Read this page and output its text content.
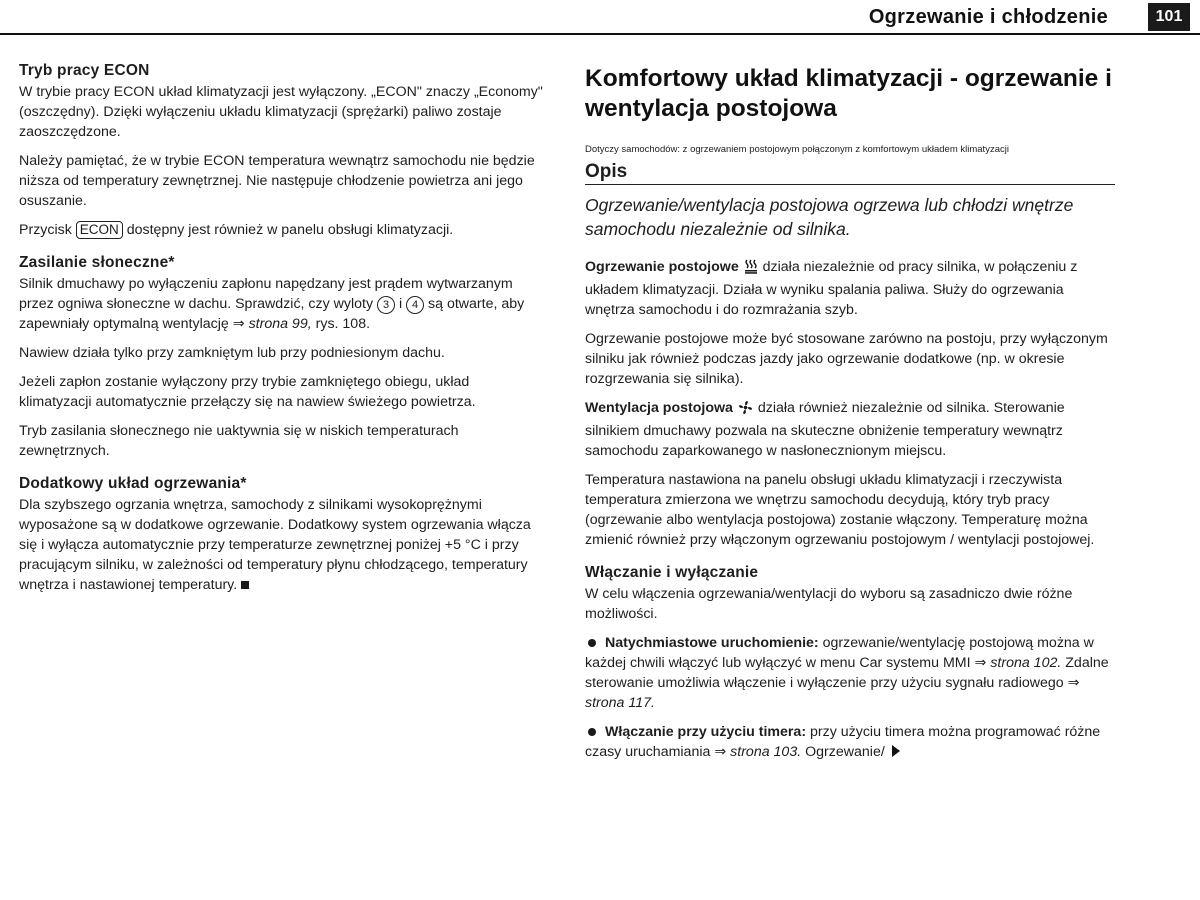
Ogrzewanie i chłodzenie	101
Tryb pracy ECON

W trybie pracy ECON układ klimatyzacji jest wyłączony. „ECON" znaczy „Economy" (oszczędny). Dzięki wyłączeniu układu klimatyzacji (sprężarki) paliwo zostaje zaoszczędzone.

Należy pamiętać, że w trybie ECON temperatura wewnątrz samochodu nie będzie niższa od temperatury zewnętrznej. Nie następuje chłodzenie powietrza ani jego osuszanie.

Przycisk ECON dostępny jest również w panelu obsługi klimatyzacji.

Zasilanie słoneczne*

Silnik dmuchawy po wyłączeniu zapłonu napędzany jest prądem wytwarzanym przez ogniwa słoneczne w dachu. Sprawdzić, czy wyloty 3 i 4 są otwarte, aby zapewniały optymalną wentylację ⇒ strona 99, rys. 108.

Nawiew działa tylko przy zamkniętym lub przy podniesionym dachu.

Jeżeli zapłon zostanie wyłączony przy trybie zamkniętego obiegu, układ klimatyzacji automatycznie przełączy się na nawiew świeżego powietrza.

Tryb zasilania słonecznego nie uaktywnia się w niskich temperaturach zewnętrznych.

Dodatkowy układ ogrzewania*

Dla szybszego ogrzania wnętrza, samochody z silnikami wysokoprężnymi wyposażone są w dodatkowe ogrzewanie. Dodatkowy system ogrzewania włącza się i wyłącza automatycznie przy temperaturze zewnętrznej poniżej +5 °C i przy pracującym silniku, w zależności od temperatury płynu chłodzącego, temperatury wnętrza i nastawionej temperatury.

Komfortowy układ klimatyzacji - ogrzewanie i wentylacja postojowa
Dotyczy samochodów: z ogrzewaniem postojowym połączonym z komfortowym układem klimatyzacji
Opis
Ogrzewanie/wentylacja postojowa ogrzewa lub chłodzi wnętrze samochodu niezależnie od silnika.

Ogrzewanie postojowe działa niezależnie od pracy silnika, w połączeniu z układem klimatyzacji. Działa w wyniku spalania paliwa. Służy do ogrzewania wnętrza samochodu i do rozmrażania szyb.

Ogrzewanie postojowe może być stosowane zarówno na postoju, przy wyłączonym silniku jak również podczas jazdy jako ogrzewanie dodatkowe (np. w okresie rozgrzewania się silnika).

Wentylacja postojowa działa również niezależnie od silnika. Sterowanie silnikiem dmuchawy pozwala na skuteczne obniżenie temperatury wewnątrz samochodu zaparkowanego w nasłonecznionym miejscu.

Temperatura nastawiona na panelu obsługi układu klimatyzacji i rzeczywista temperatura zmierzona we wnętrzu samochodu decydują, który tryb pracy (ogrzewanie albo wentylacja postojowa) zostanie włączony. Temperaturę można zmienić również przy włączonym ogrzewaniu postojowym / wentylacji postojowej.

Włączanie i wyłączanie

W celu włączenia ogrzewania/wentylacji do wyboru są zasadniczo dwie różne możliwości.

Natychmiastowe uruchomienie: ogrzewanie/wentylację postojową można w każdej chwili włączyć lub wyłączyć w menu Car systemu MMI ⇒ strona 102. Zdalne sterowanie umożliwia włączenie i wyłączenie przy użyciu sygnału radiowego ⇒ strona 117.

Włączanie przy użyciu timera: przy użyciu timera można programować różne czasy uruchamiania ⇒ strona 103. Ogrzewanie/
